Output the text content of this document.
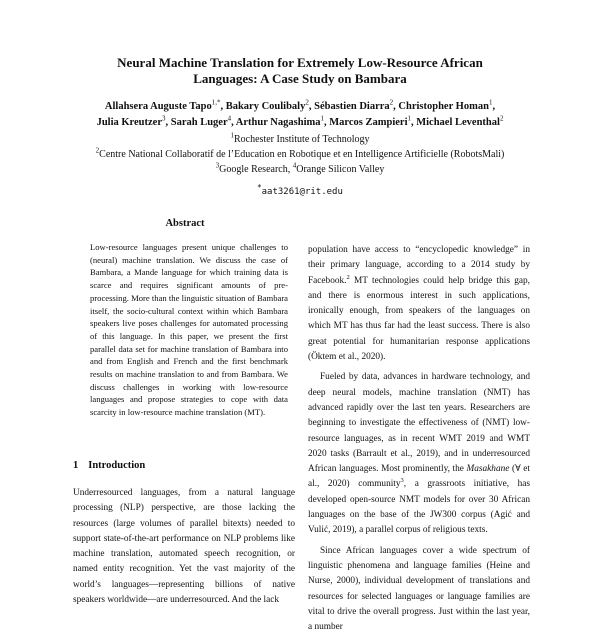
Neural Machine Translation for Extremely Low-Resource African
Languages: A Case Study on Bambara
Allahsera Auguste Tapo$^{1,*}$, Bakary Coulibaly$^2$, Sébastien Diarra$^2$, Christopher Homan$^1$,
Julia Kreutzer$^3$, Sarah Luger$^4$, Arthur Nagashima$^1$, Marcos Zampieri$^1$, Michael Leventhal$^2$
$^1$Rochester Institute of Technology
$^2$Centre National Collaboratif de l’Education en Robotique et en Intelligence Artificielle (RobotsMali)
$^3$Google Research, $^4$Orange Silicon Valley
*aat3261@rit.edu
Abstract
Low-resource languages present unique challenges to (neural) machine translation. We discuss the case of Bambara, a Mande language for which training data is scarce and requires significant amounts of pre-processing. More than the linguistic situation of Bambara itself, the socio-cultural context within which Bambara speakers live poses challenges for automated processing of this language. In this paper, we present the first parallel data set for machine translation of Bambara into and from English and French and the first benchmark results on machine translation to and from Bambara. We discuss challenges in working with low-resource languages and propose strategies to cope with data scarcity in low-resource machine translation (MT).
1 Introduction

Underresourced languages, from a natural language processing (NLP) perspective, are those lacking the resources (large volumes of parallel bitexts) needed to support state-of-the-art performance on NLP problems like machine translation, automated speech recognition, or named entity recognition. Yet the vast majority of the world’s languages—representing billions of native speakers worldwide—are underresourced. And the lack

population have access to “encyclopedic knowledge” in their primary language, according to a 2014 study by Facebook.$^2$ MT technologies could help bridge this gap, and there is enormous interest in such applications, ironically enough, from speakers of the languages on which MT has thus far had the least success. There is also great potential for humanitarian response applications (Öktem et al., 2020).

Fueled by data, advances in hardware technology, and deep neural models, machine translation (NMT) has advanced rapidly over the last ten years. Researchers are beginning to investigate the effectiveness of (NMT) low-resource languages, as in recent WMT 2019 and WMT 2020 tasks (Barrault et al., 2019), and in underresourced African languages. Most prominently, the Masakhane (∀ et al., 2020) community$^3$, a grassroots initiative, has developed open-source NMT models for over 30 African languages on the base of the JW300 corpus (Agić and Vulić, 2019), a parallel corpus of religious texts.

Since African languages cover a wide spectrum of linguistic phenomena and language families (Heine and Nurse, 2000), individual development of translations and resources for selected languages or language families are vital to drive the overall progress. Just within the last year, a number
